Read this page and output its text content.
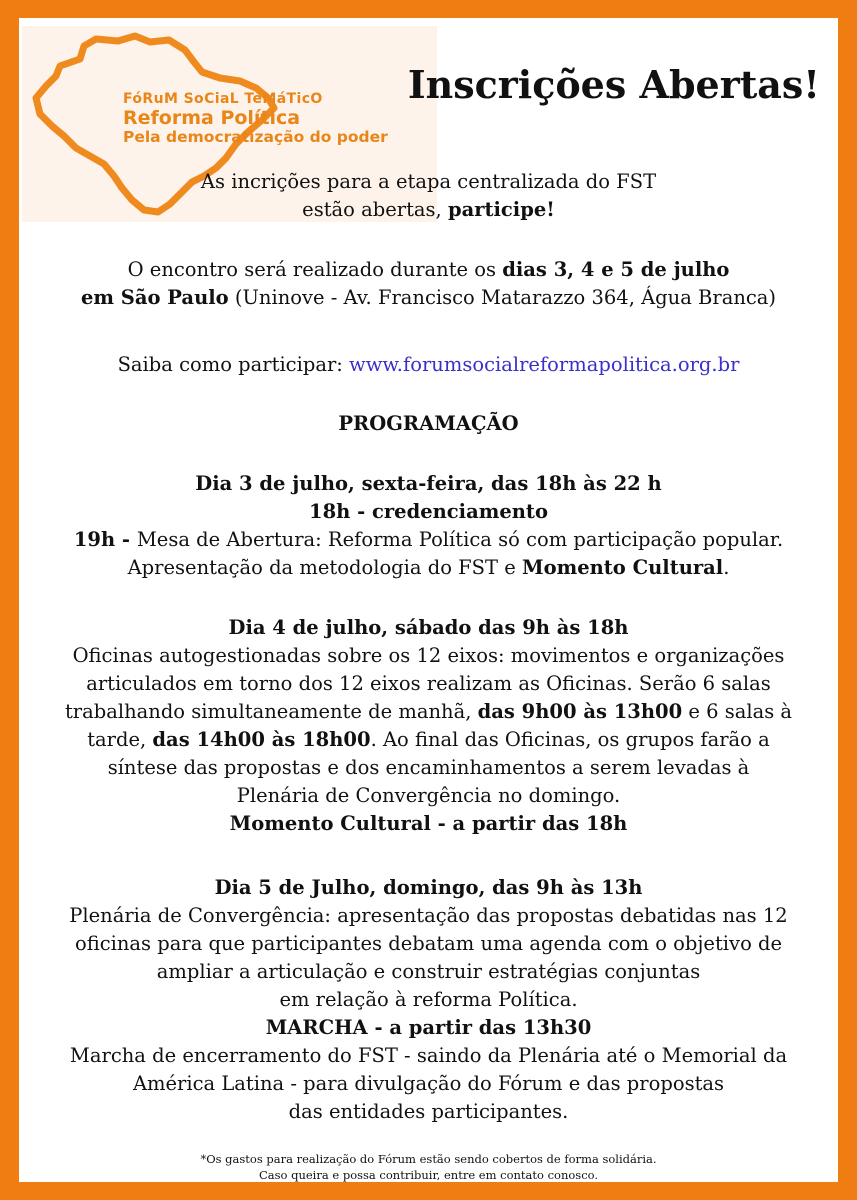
FóRuM SoCiaL TeMáTicO
Reforma Política
Pela democratização do poder
Inscrições Abertas!

As incrições para a etapa centralizada do FST

estão abertas, participe!

O encontro será realizado durante os dias 3, 4 e 5 de julho

em São Paulo (Uninove - Av. Francisco Matarazzo 364, Água Branca)

Saiba como participar: www.forumsocialreformapolitica.org.br

PROGRAMAÇÃO

Dia 3 de julho, sexta-feira, das 18h às 22 h

18h - credenciamento

19h - Mesa de Abertura: Reforma Política só com participação popular.

Apresentação da metodologia do FST e Momento Cultural.

Dia 4 de julho, sábado das 9h às 18h

Oficinas autogestionadas sobre os 12 eixos: movimentos e organizações

articulados em torno dos 12 eixos realizam as Oficinas. Serão 6 salas

trabalhando simultaneamente de manhã, das 9h00 às 13h00 e 6 salas à

tarde, das 14h00 às 18h00. Ao final das Oficinas, os grupos farão a

síntese das propostas e dos encaminhamentos a serem levadas à

Plenária de Convergência no domingo.

Momento Cultural - a partir das 18h

Dia 5 de Julho, domingo, das 9h às 13h

Plenária de Convergência: apresentação das propostas debatidas nas 12

oficinas para que participantes debatam uma agenda com o objetivo de

ampliar a articulação e construir estratégias conjuntas

em relação à reforma Política.

MARCHA - a partir das 13h30

Marcha de encerramento do FST - saindo da Plenária até o Memorial da

América Latina - para divulgação do Fórum e das propostas

das entidades participantes.

*Os gastos para realização do Fórum estão sendo cobertos de forma solidária.

Caso queira e possa contribuir, entre em contato conosco.
